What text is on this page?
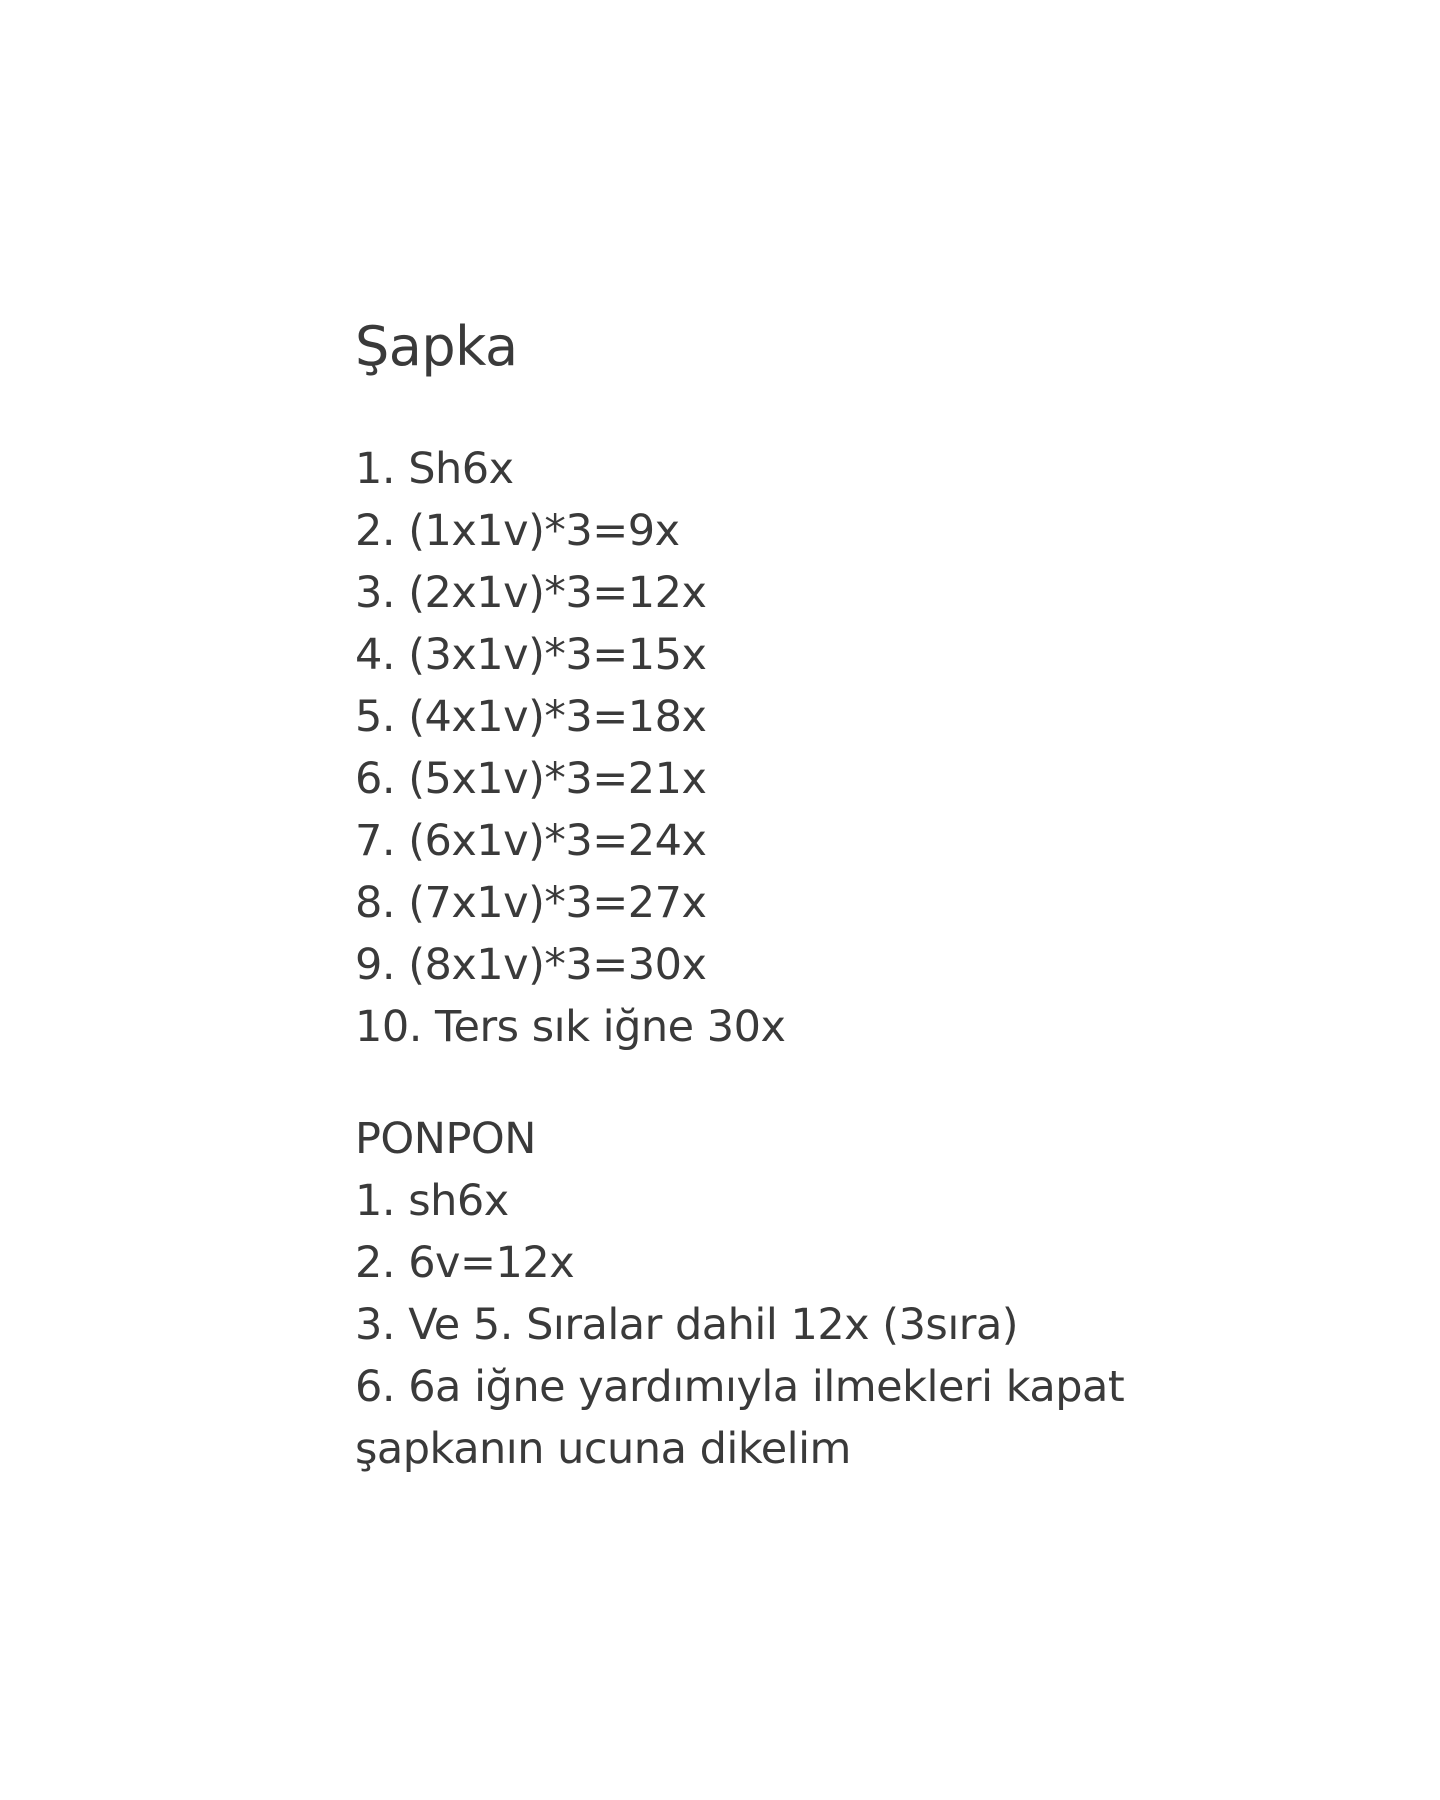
Şapka
1. Sh6x
2. (1x1v)*3=9x
3. (2x1v)*3=12x
4. (3x1v)*3=15x
5. (4x1v)*3=18x
6. (5x1v)*3=21x
7. (6x1v)*3=24x
8. (7x1v)*3=27x
9. (8x1v)*3=30x
10. Ters sık iğne 30x
PONPON
1. sh6x
2. 6v=12x
3. Ve 5. Sıralar dahil 12x (3sıra)
6. 6a iğne yardımıyla ilmekleri kapat
şapkanın ucuna dikelim
